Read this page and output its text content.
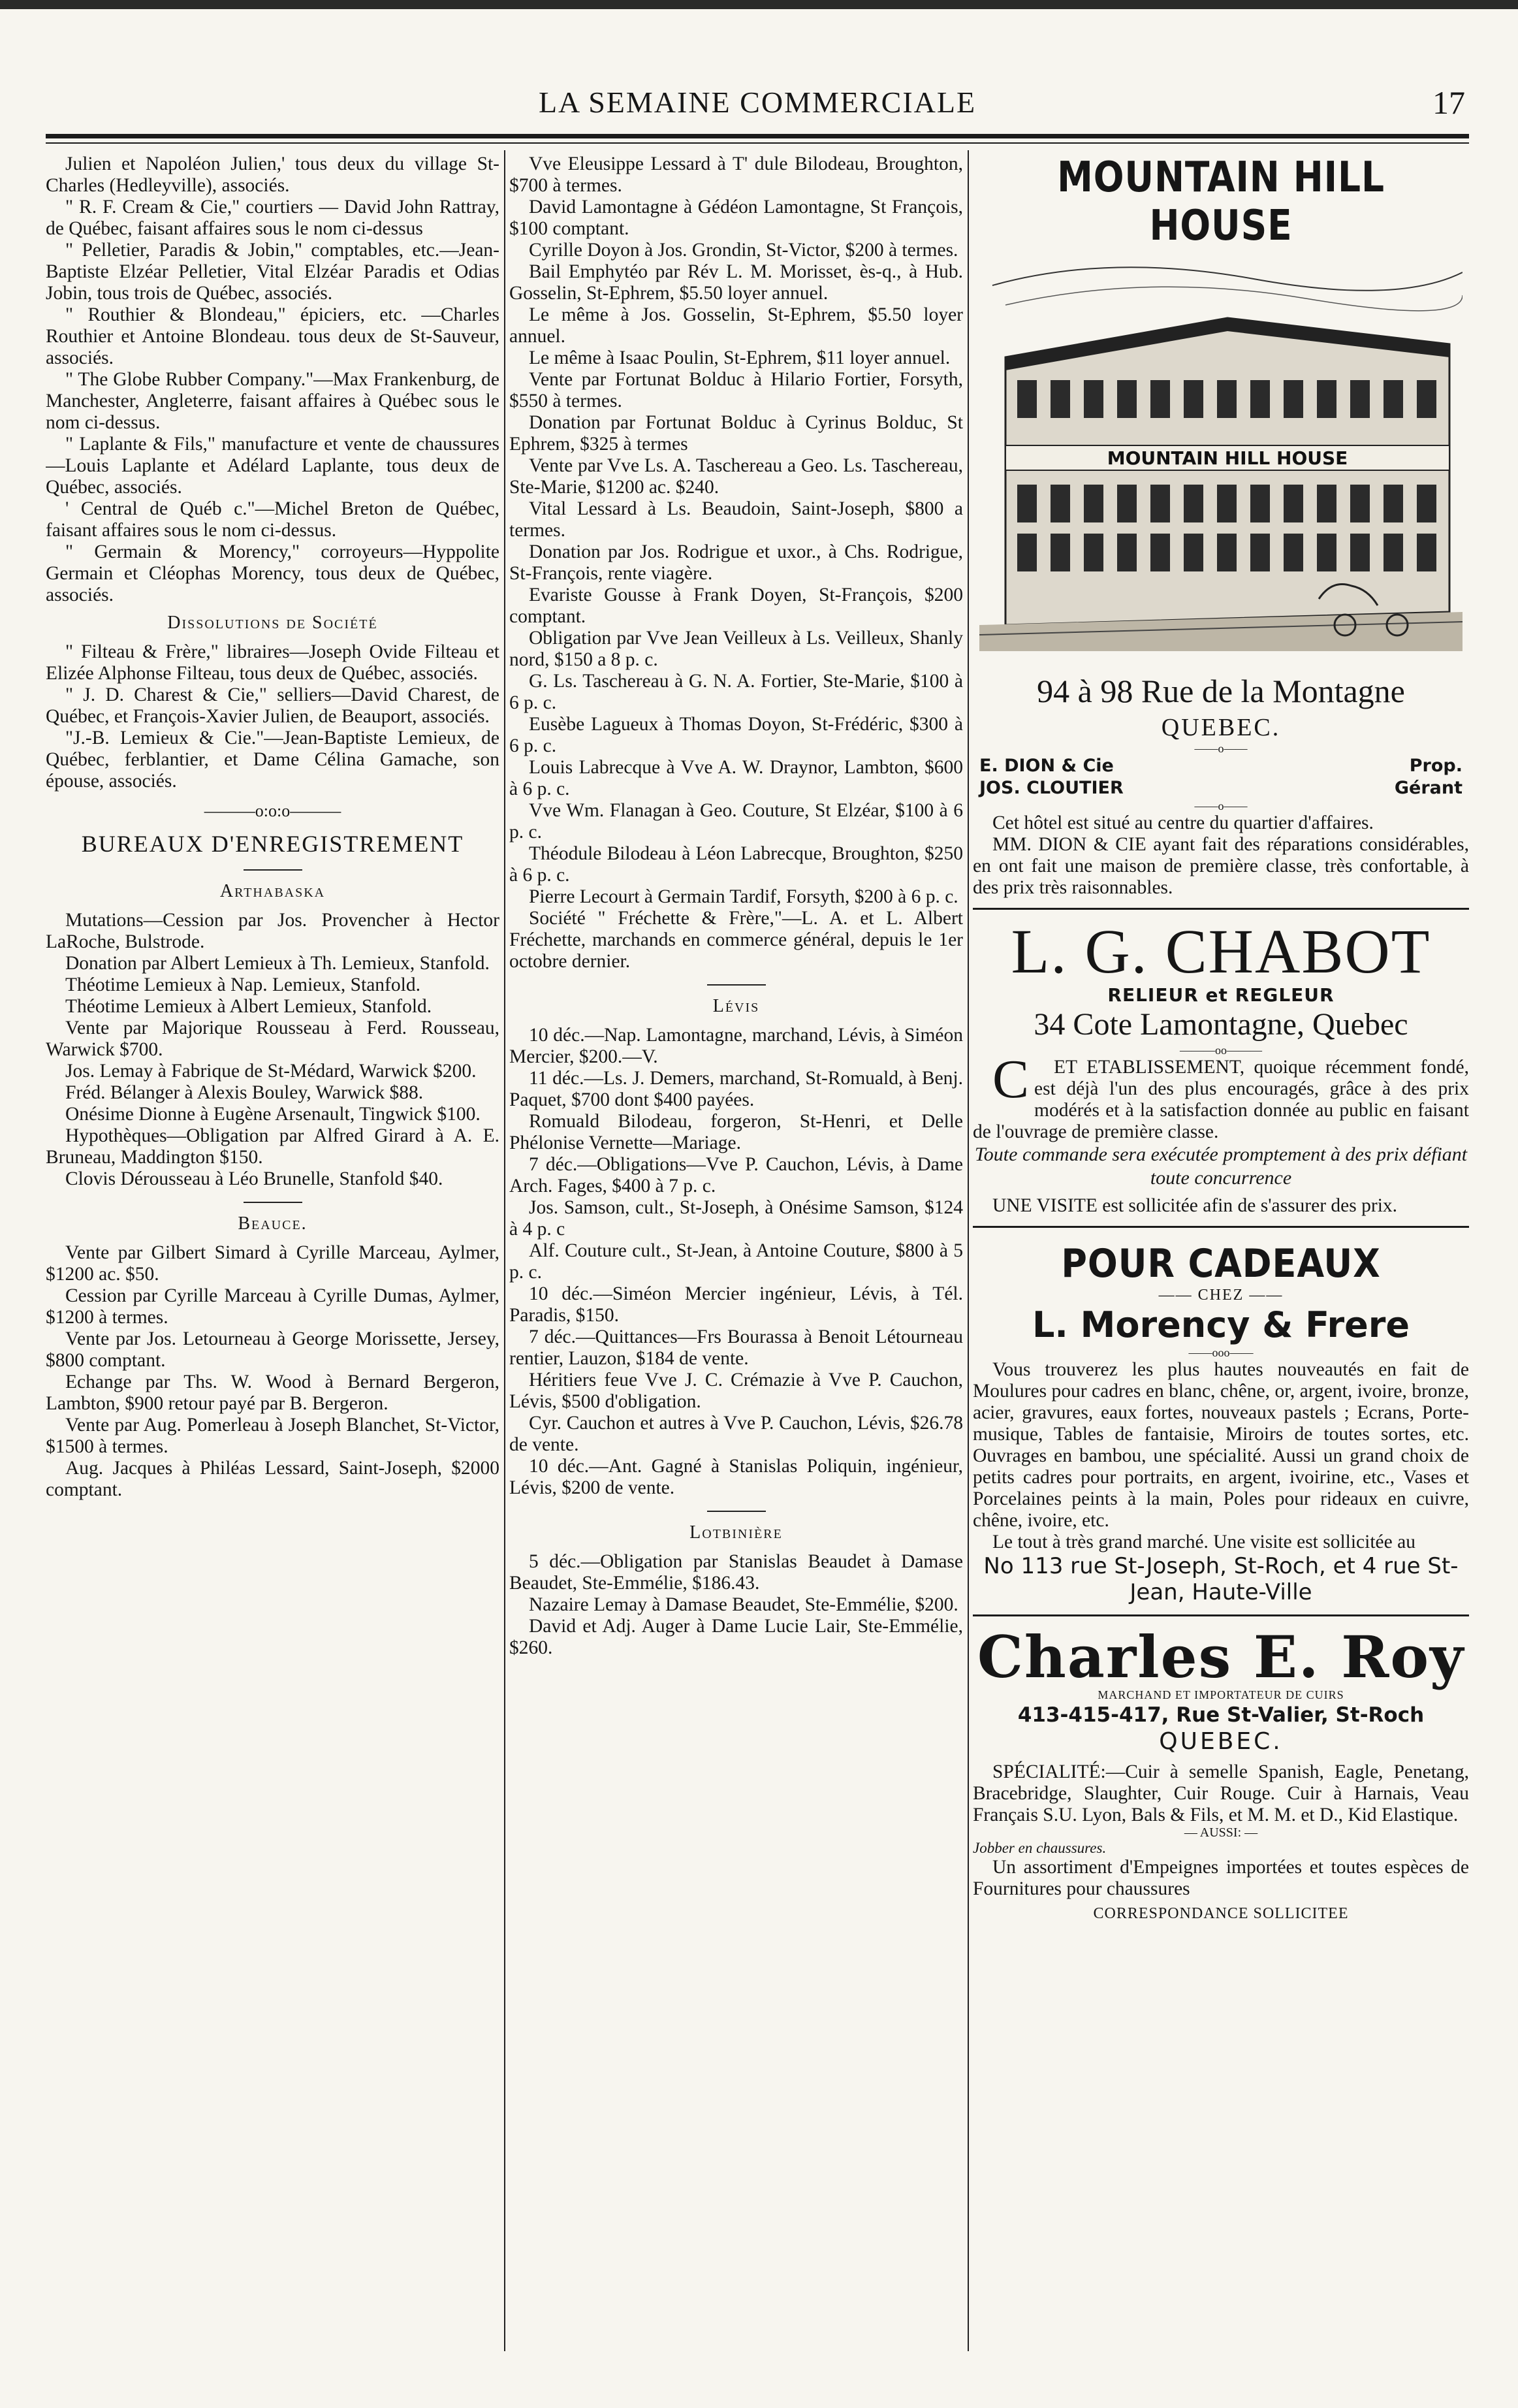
LA SEMAINE COMMERCIALE	17

Julien et Napoléon Julien,' tous deux du village St-Charles (Hedleyville), associés.

" R. F. Cream & Cie," courtiers — David John Rattray, de Québec, faisant affaires sous le nom ci-dessus

" Pelletier, Paradis & Jobin," comptables, etc.—Jean-Baptiste Elzéar Pelletier, Vital Elzéar Paradis et Odias Jobin, tous trois de Québec, associés.

" Routhier & Blondeau," épiciers, etc. —Charles Routhier et Antoine Blondeau. tous deux de St-Sauveur, associés.

" The Globe Rubber Company."—Max Frankenburg, de Manchester, Angleterre, faisant affaires à Québec sous le nom ci-dessus.

" Laplante & Fils," manufacture et vente de chaussures—Louis Laplante et Adélard Laplante, tous deux de Québec, associés.

' Central de Québ c."—Michel Breton de Québec, faisant affaires sous le nom ci-dessus.

" Germain & Morency," corroyeurs—Hyppolite Germain et Cléophas Morency, tous deux de Québec, associés.

Dissolutions de Société

" Filteau & Frère," libraires—Joseph Ovide Filteau et Elizée Alphonse Filteau, tous deux de Québec, associés.

" J. D. Charest & Cie," selliers—David Charest, de Québec, et François-Xavier Julien, de Beauport, associés.

"J.-B. Lemieux & Cie."—Jean-Baptiste Lemieux, de Québec, ferblantier, et Dame Célina Gamache, son épouse, associés.

———o:o:o———
BUREAUX D'ENREGISTREMENT
Arthabaska

Mutations—Cession par Jos. Provencher à Hector LaRoche, Bulstrode.

Donation par Albert Lemieux à Th. Lemieux, Stanfold.

Théotime Lemieux à Nap. Lemieux, Stanfold.

Théotime Lemieux à Albert Lemieux, Stanfold.

Vente par Majorique Rousseau à Ferd. Rousseau, Warwick $700.

Jos. Lemay à Fabrique de St-Médard, Warwick $200.

Fréd. Bélanger à Alexis Bouley, Warwick $88.

Onésime Dionne à Eugène Arsenault, Tingwick $100.

Hypothèques—Obligation par Alfred Girard à A. E. Bruneau, Maddington $150.

Clovis Dérousseau à Léo Brunelle, Stanfold $40.

Beauce.

Vente par Gilbert Simard à Cyrille Marceau, Aylmer, $1200 ac. $50.

Cession par Cyrille Marceau à Cyrille Dumas, Aylmer, $1200 à termes.

Vente par Jos. Letourneau à George Morissette, Jersey, $800 comptant.

Echange par Ths. W. Wood à Bernard Bergeron, Lambton, $900 retour payé par B. Bergeron.

Vente par Aug. Pomerleau à Joseph Blanchet, St-Victor, $1500 à termes.

Aug. Jacques à Philéas Lessard, Saint-Joseph, $2000 comptant.

Vve Eleusippe Lessard à T' dule Bilodeau, Broughton, $700 à termes.

David Lamontagne à Gédéon Lamontagne, St François, $100 comptant.

Cyrille Doyon à Jos. Grondin, St-Victor, $200 à termes.

Bail Emphytéo par Rév L. M. Morisset, ès-q., à Hub. Gosselin, St-Ephrem, $5.50 loyer annuel.

Le même à Jos. Gosselin, St-Ephrem, $5.50 loyer annuel.

Le même à Isaac Poulin, St-Ephrem, $11 loyer annuel.

Vente par Fortunat Bolduc à Hilario Fortier, Forsyth, $550 à termes.

Donation par Fortunat Bolduc à Cyrinus Bolduc, St Ephrem, $325 à termes

Vente par Vve Ls. A. Taschereau a Geo. Ls. Taschereau, Ste-Marie, $1200 ac. $240.

Vital Lessard à Ls. Beaudoin, Saint-Joseph, $800 a termes.

Donation par Jos. Rodrigue et uxor., à Chs. Rodrigue, St-François, rente viagère.

Evariste Gousse à Frank Doyen, St-François, $200 comptant.

Obligation par Vve Jean Veilleux à Ls. Veilleux, Shanly nord, $150 a 8 p. c.

G. Ls. Taschereau à G. N. A. Fortier, Ste-Marie, $100 à 6 p. c.

Eusèbe Lagueux à Thomas Doyon, St-Frédéric, $300 à 6 p. c.

Louis Labrecque à Vve A. W. Draynor, Lambton, $600 à 6 p. c.

Vve Wm. Flanagan à Geo. Couture, St Elzéar, $100 à 6 p. c.

Théodule Bilodeau à Léon Labrecque, Broughton, $250 à 6 p. c.

Pierre Lecourt à Germain Tardif, Forsyth, $200 à 6 p. c.

Société " Fréchette & Frère,"—L. A. et L. Albert Fréchette, marchands en commerce général, depuis le 1er octobre dernier.

Lévis

10 déc.—Nap. Lamontagne, marchand, Lévis, à Siméon Mercier, $200.—V.

11 déc.—Ls. J. Demers, marchand, St-Romuald, à Benj. Paquet, $700 dont $400 payées.

Romuald Bilodeau, forgeron, St-Henri, et Delle Phélonise Vernette—Mariage.

7 déc.—Obligations—Vve P. Cauchon, Lévis, à Dame Arch. Fages, $400 à 7 p. c.

Jos. Samson, cult., St-Joseph, à Onésime Samson, $124 à 4 p. c

Alf. Couture cult., St-Jean, à Antoine Couture, $800 à 5 p. c.

10 déc.—Siméon Mercier ingénieur, Lévis, à Tél. Paradis, $150.

7 déc.—Quittances—Frs Bourassa à Benoit Létourneau rentier, Lauzon, $184 de vente.

Héritiers feue Vve J. C. Crémazie à Vve P. Cauchon, Lévis, $500 d'obligation.

Cyr. Cauchon et autres à Vve P. Cauchon, Lévis, $26.78 de vente.

10 déc.—Ant. Gagné à Stanislas Poliquin, ingénieur, Lévis, $200 de vente.

Lotbinière

5 déc.—Obligation par Stanislas Beaudet à Damase Beaudet, Ste-Emmélie, $186.43.

Nazaire Lemay à Damase Beaudet, Ste-Emmélie, $200.

David et Adj. Auger à Dame Lucie Lair, Ste-Emmélie, $260.

MOUNTAIN HILL HOUSE
MOUNTAIN HILL HOUSE
94 à 98 Rue de la Montagne
QUEBEC.
——o——
E. DION & Cie	Prop.
JOS. CLOUTIER	Gérant
——o——

Cet hôtel est situé au centre du quartier d'affaires.

MM. DION & CIE ayant fait des réparations considérables, en ont fait une maison de première classe, très confortable, à des prix très raisonnables.

L. G. CHABOT
RELIEUR et REGLEUR
34 Cote Lamontagne, Quebec
———oo———

C ET ETABLISSEMENT, quoique récemment fondé, est déjà l'un des plus encouragés, grâce à des prix modérés et à la satisfaction donnée au public en faisant de l'ouvrage de première classe.

Toute commande sera exécutée promptement à des prix défiant toute concurrence

UNE VISITE est sollicitée afin de s'assurer des prix.

POUR CADEAUX
—— CHEZ ——
L. Morency & Frere
——ooo——

Vous trouverez les plus hautes nouveautés en fait de Moulures pour cadres en blanc, chêne, or, argent, ivoire, bronze, acier, gravures, eaux fortes, nouveaux pastels ; Ecrans, Porte-musique, Tables de fantaisie, Miroirs de toutes sortes, etc. Ouvrages en bambou, une spécialité. Aussi un grand choix de petits cadres pour portraits, en argent, ivoirine, etc., Vases et Porcelaines peints à la main, Poles pour rideaux en cuivre, chêne, ivoire, etc.

Le tout à très grand marché. Une visite est sollicitée au

No 113 rue St-Joseph, St-Roch, et 4 rue St-Jean, Haute-Ville
Charles E. Roy
MARCHAND ET IMPORTATEUR DE CUIRS
413-415-417, Rue St-Valier, St-Roch
QUEBEC.

SPÉCIALITÉ:—Cuir à semelle Spanish, Eagle, Penetang, Bracebridge, Slaughter, Cuir Rouge. Cuir à Harnais, Veau Français S.U. Lyon, Bals & Fils, et M. M. et D., Kid Elastique.

— AUSSI: —
Jobber en chaussures.

Un assortiment d'Empeignes importées et toutes espèces de Fournitures pour chaussures

CORRESPONDANCE SOLLICITEE
